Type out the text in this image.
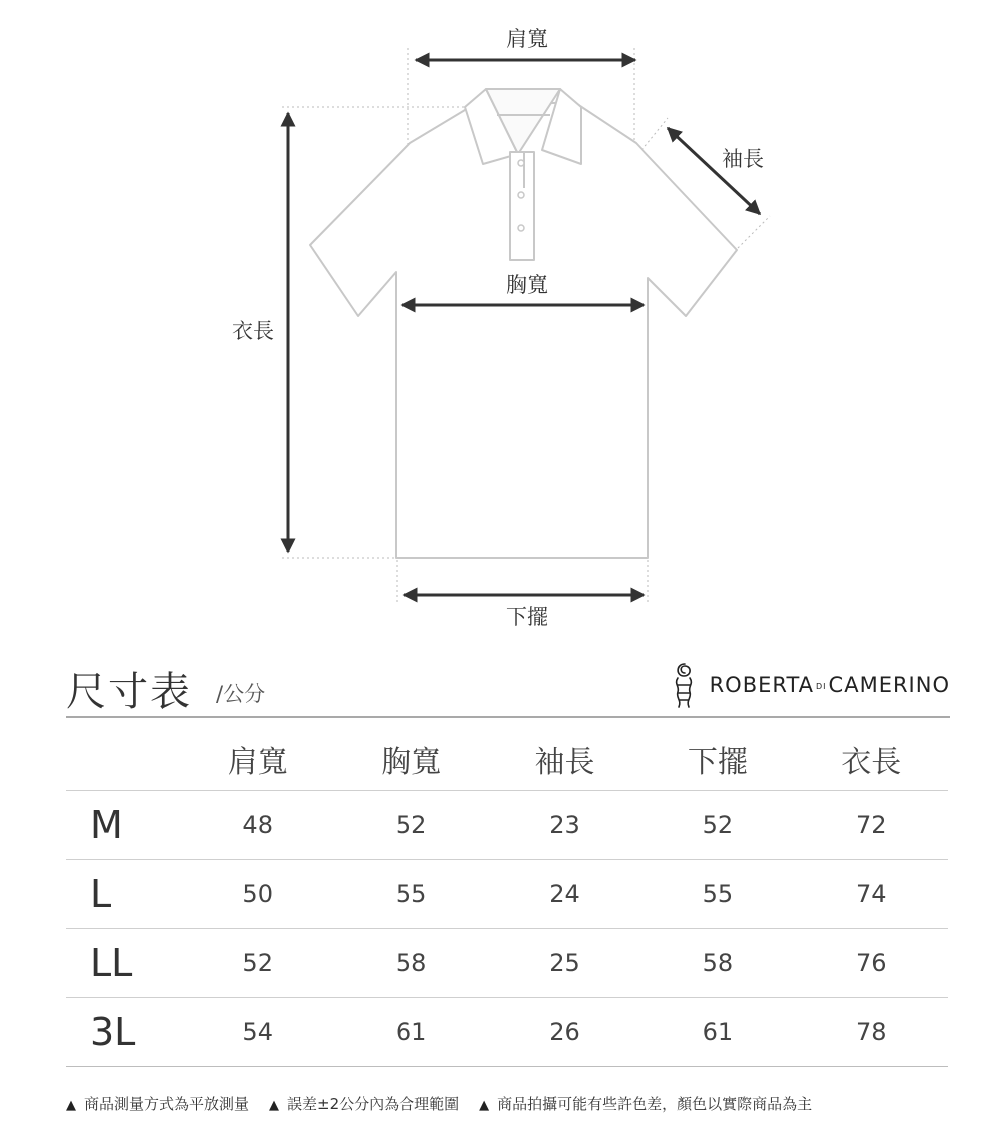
肩寬
袖長
胸寬
衣長
下擺
尺寸表 /公分	ROBERTA DICAMERINO
	肩寬	胸寬	袖長	下擺	衣長
M	48	52	23	52	72
L	50	55	24	55	74
LL	52	58	25	58	76
3L	54	61	26	61	78
▲ 商品測量方式為平放測量 ▲ 誤差±2公分內為合理範圍 ▲ 商品拍攝可能有些許色差，顏色以實際商品為主
